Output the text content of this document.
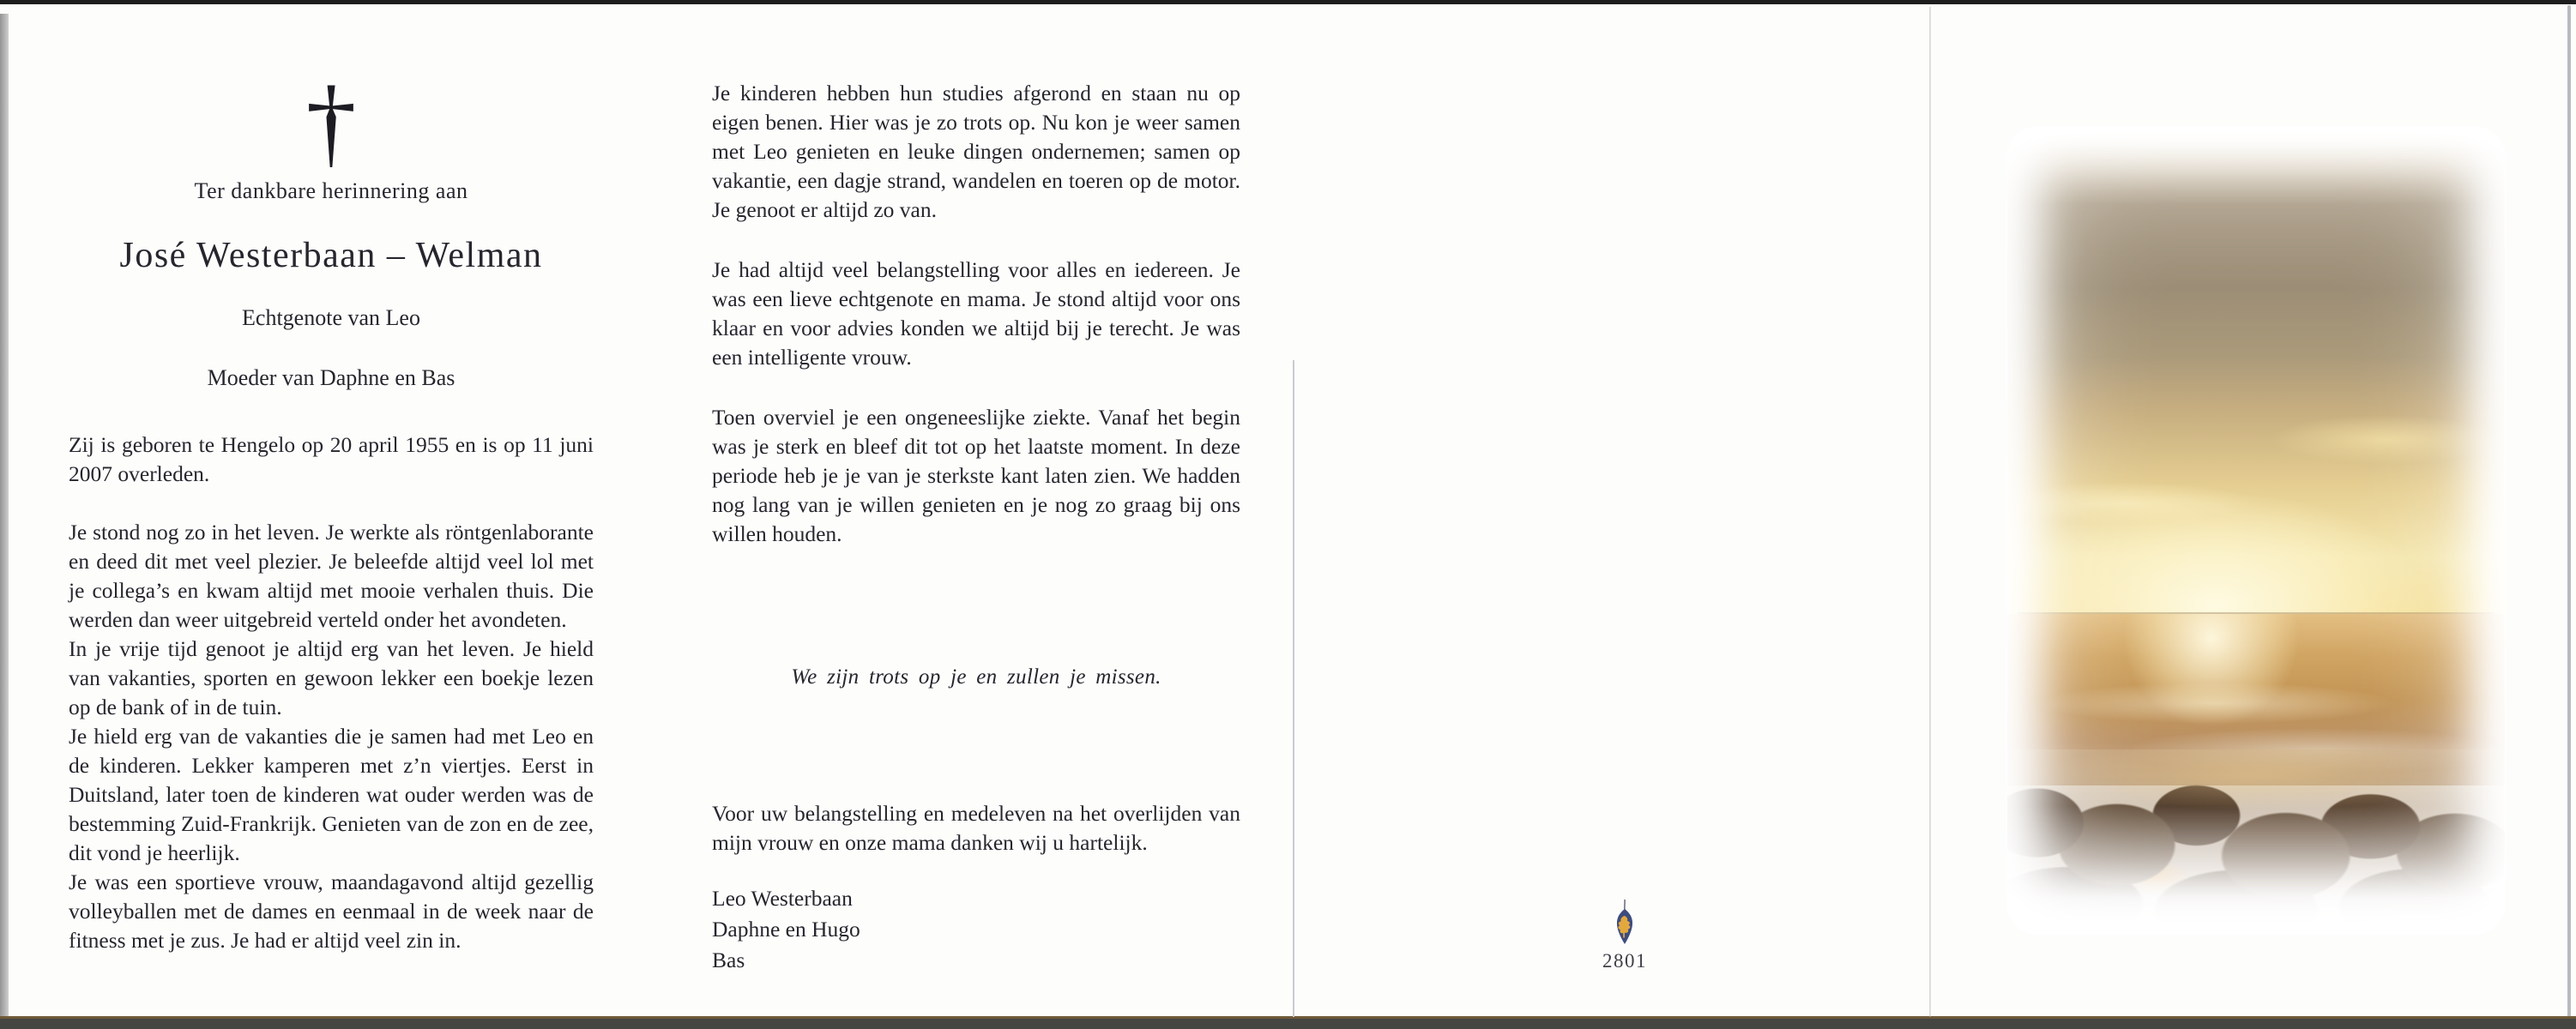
†
Ter dankbare herinnering aan
José Westerbaan – Welman
Echtgenote van Leo
Moeder van Daphne en Bas

Zij is geboren te Hengelo op 20 april 1955 en is op 11 juni 2007 overleden.

Je stond nog zo in het leven. Je werkte als röntgenlaborante en deed dit met veel plezier. Je beleefde altijd veel lol met je collega’s en kwam altijd met mooie verhalen thuis. Die werden dan weer uitgebreid verteld onder het avondeten.

In je vrije tijd genoot je altijd erg van het leven. Je hield van vakanties, sporten en gewoon lekker een boekje lezen op de bank of in de tuin.

Je hield erg van de vakanties die je samen had met Leo en de kinderen. Lekker kamperen met z’n viertjes. Eerst in Duitsland, later toen de kinderen wat ouder werden was de bestemming Zuid-Frankrijk. Genieten van de zon en de zee, dit vond je heerlijk.

Je was een sportieve vrouw, maandagavond altijd gezellig volleyballen met de dames en eenmaal in de week naar de fitness met je zus. Je had er altijd veel zin in.

Je kinderen hebben hun studies afgerond en staan nu op eigen benen. Hier was je zo trots op. Nu kon je weer samen met Leo genieten en leuke dingen ondernemen; samen op vakantie, een dagje strand, wandelen en toeren op de motor. Je genoot er altijd zo van.

Je had altijd veel belangstelling voor alles en iedereen. Je was een lieve echtgenote en mama. Je stond altijd voor ons klaar en voor advies konden we altijd bij je terecht. Je was een intelligente vrouw.

Toen overviel je een ongeneeslijke ziekte. Vanaf het begin was je sterk en bleef dit tot op het laatste moment. In deze periode heb je je van je sterkste kant laten zien. We hadden nog lang van je willen genieten en je nog zo graag bij ons willen houden.

We zijn trots op je en zullen je missen.

Voor uw belangstelling en medeleven na het overlijden van mijn vrouw en onze mama danken wij u hartelijk.

Leo Westerbaan
Daphne en Hugo
Bas	2801
